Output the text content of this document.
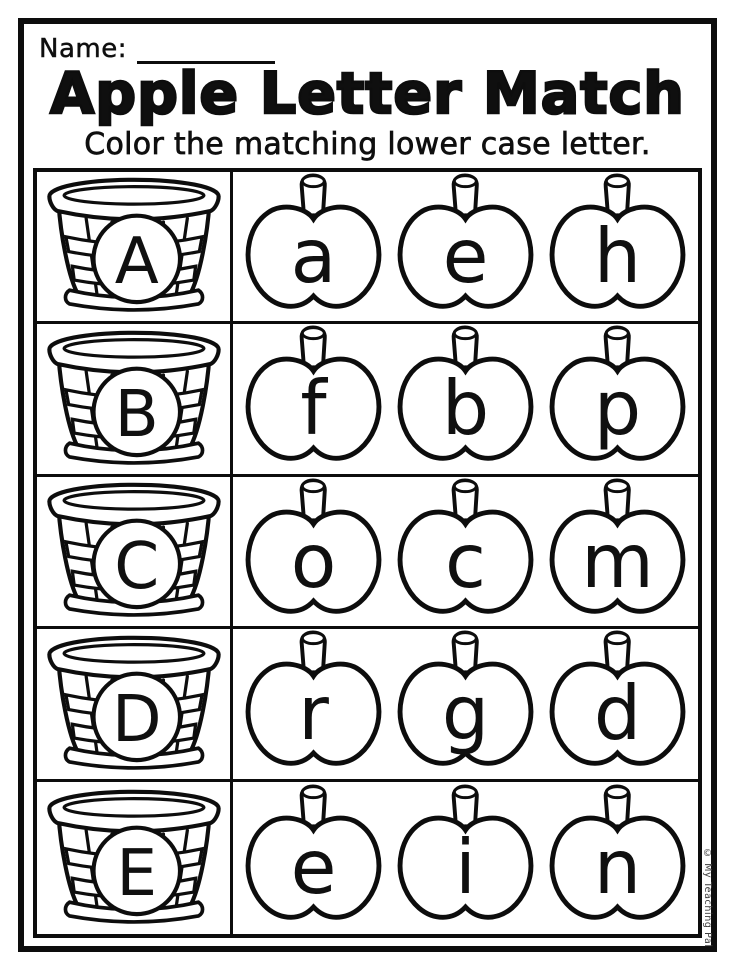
Name:
Apple Letter Match
Color the matching lower case letter.
A a e h
B f b p
C o c m
D r g d
E e i n	© My Teaching Pal
